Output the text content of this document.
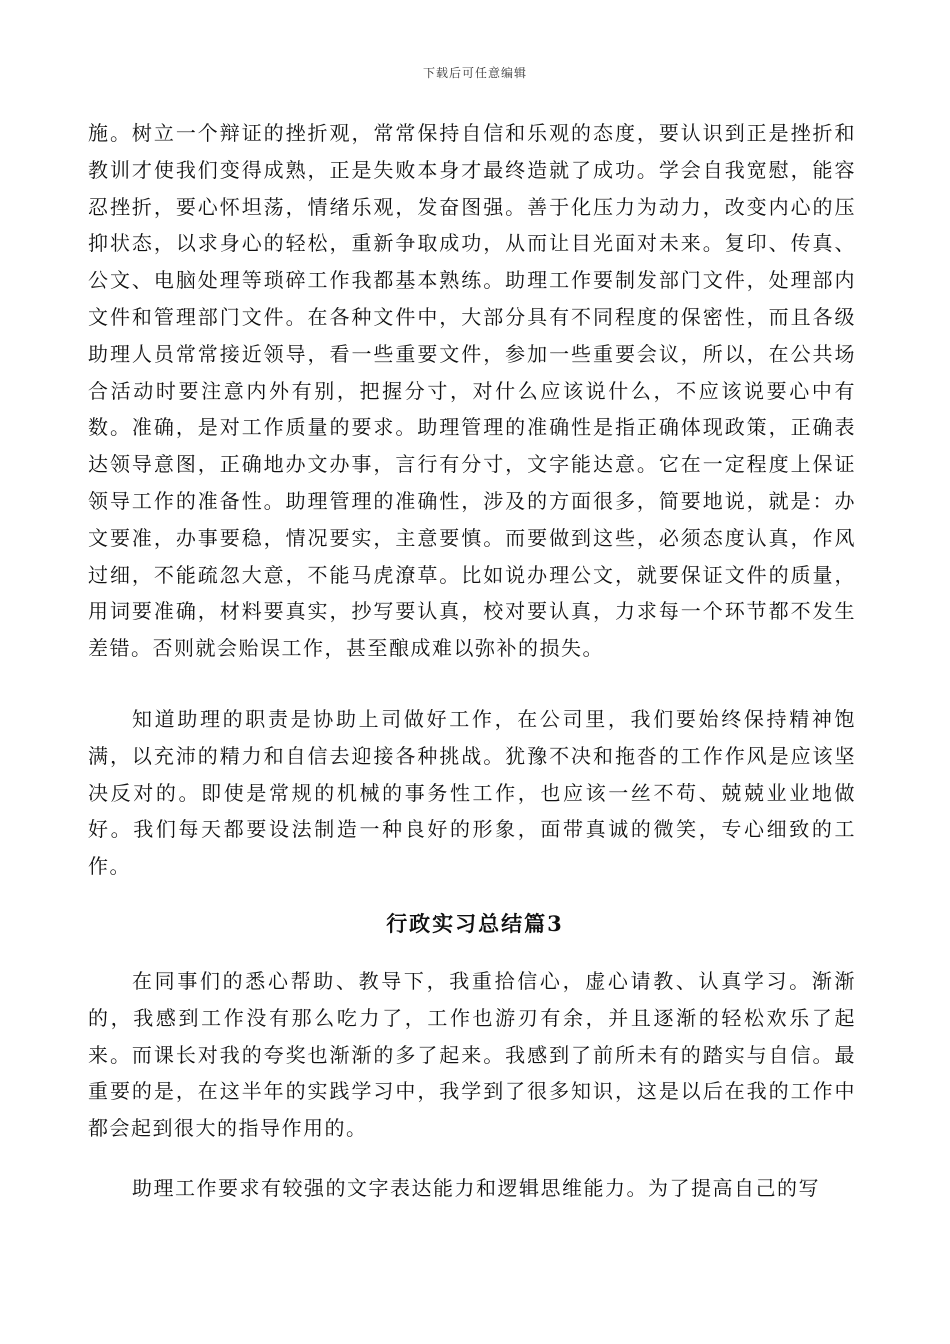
下载后可任意编辑

施。树立一个辩证的挫折观，常常保持自信和乐观的态度，要认识到正是挫折和教训才使我们变得成熟，正是失败本身才最终造就了成功。学会自我宽慰，能容忍挫折，要心怀坦荡，情绪乐观，发奋图强。善于化压力为动力，改变内心的压抑状态，以求身心的轻松，重新争取成功，从而让目光面对未来。复印、传真、公文、电脑处理等琐碎工作我都基本熟练。助理工作要制发部门文件，处理部内文件和管理部门文件。在各种文件中，大部分具有不同程度的保密性，而且各级助理人员常常接近领导，看一些重要文件，参加一些重要会议，所以，在公共场合活动时要注意内外有别，把握分寸，对什么应该说什么，不应该说要心中有数。准确，是对工作质量的要求。助理管理的准确性是指正确体现政策，正确表达领导意图，正确地办文办事，言行有分寸，文字能达意。它在一定程度上保证领导工作的准备性。助理管理的准确性，涉及的方面很多，简要地说，就是：办文要准，办事要稳，情况要实，主意要慎。而要做到这些，必须态度认真，作风过细，不能疏忽大意，不能马虎潦草。比如说办理公文，就要保证文件的质量，用词要准确，材料要真实，抄写要认真，校对要认真，力求每一个环节都不发生差错。否则就会贻误工作，甚至酿成难以弥补的损失。

知道助理的职责是协助上司做好工作，在公司里，我们要始终保持精神饱满，以充沛的精力和自信去迎接各种挑战。犹豫不决和拖沓的工作作风是应该坚决反对的。即使是常规的机械的事务性工作，也应该一丝不苟、兢兢业业地做好。我们每天都要设法制造一种良好的形象，面带真诚的微笑，专心细致的工作。

行政实习总结篇3

在同事们的悉心帮助、教导下，我重拾信心，虚心请教、认真学习。渐渐的，我感到工作没有那么吃力了，工作也游刃有余，并且逐渐的轻松欢乐了起来。而课长对我的夸奖也渐渐的多了起来。我感到了前所未有的踏实与自信。最重要的是，在这半年的实践学习中，我学到了很多知识，这是以后在我的工作中都会起到很大的指导作用的。

助理工作要求有较强的文字表达能力和逻辑思维能力。为了提高自己的写
